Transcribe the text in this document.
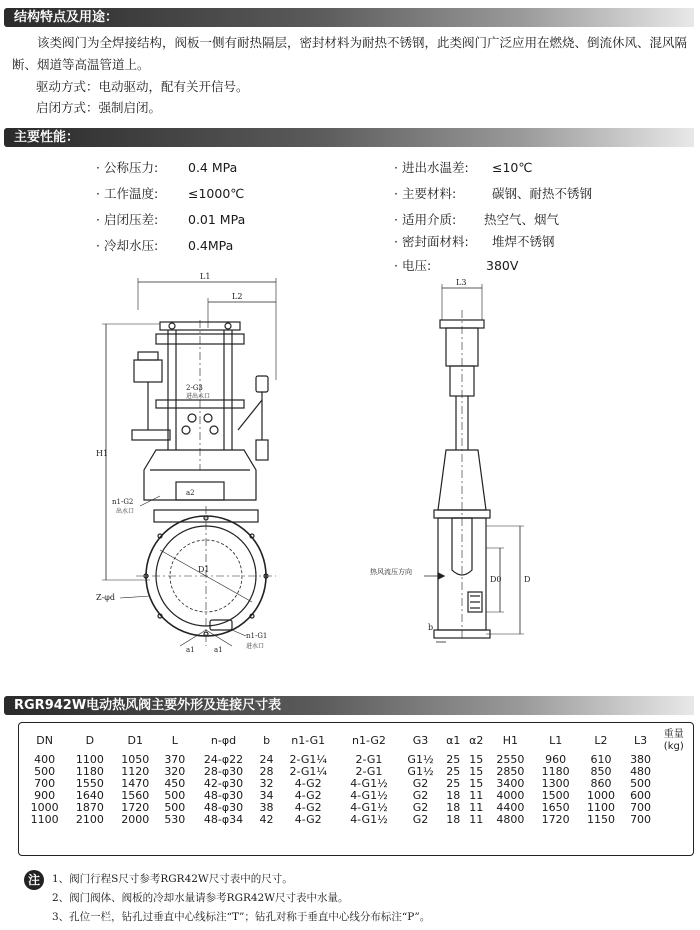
结构特点及用途：
该类阀门为全焊接结构，阀板一侧有耐热隔层，密封材料为耐热不锈钢，此类阀门广泛应用在燃烧、倒流休风、混风隔断、烟道等高温管道上。
驱动方式：电动驱动，配有关开信号。
启闭方式：强制启闭。
主要性能：
· 公称压力: 0.4 MPa
· 工作温度: ≤1000℃
· 启闭压差: 0.01 MPa
· 冷却水压: 0.4MPa
· 进出水温差: ≤10℃
· 主要材料:	碳钢、耐热不锈钢
· 适用介质: 热空气、烟气
· 密封面材料: 堆焊不锈钢
· 电压:	380V
L1
L2
H1
2-G3
进出水口
a2
n1-G2
出水口
D1
Z-φd
a1	a1
n1-G1
进水口
L3
D
D0
b
热风流压方向
RGR942W电动热风阀主要外形及连接尺寸表
DN	D	D1	L	n-φd	b	n1-G1	n1-G2	G3	α1	α2	H1	L1	L2	L3	重量
(kg)
400	1100	1050	370	24-φ22	24	2-G1¼	2-G1	G1½	25	15	2550	960	610	380	
500	1180	1120	320	28-φ30	28	2-G1¼	2-G1	G1½	25	15	2850	1180	850	480	
700	1550	1470	450	42-φ30	32	4-G2	4-G1½	G2	25	15	3400	1300	860	500	
900	1640	1560	500	48-φ30	34	4-G2	4-G1½	G2	18	11	4000	1500	1000	600	
1000	1870	1720	500	48-φ30	38	4-G2	4-G1½	G2	18	11	4400	1650	1100	700	
1100	2100	2000	530	48-φ34	42	4-G2	4-G1½	G2	18	11	4800	1720	1150	700	
注	1、阀门行程S尺寸参考RGR42W尺寸表中的尺寸。
2、阀门阀体、阀板的冷却水量请参考RGR42W尺寸表中水量。
3、孔位一栏，钻孔过垂直中心线标注“T”；钻孔对称于垂直中心线分布标注“P”。
